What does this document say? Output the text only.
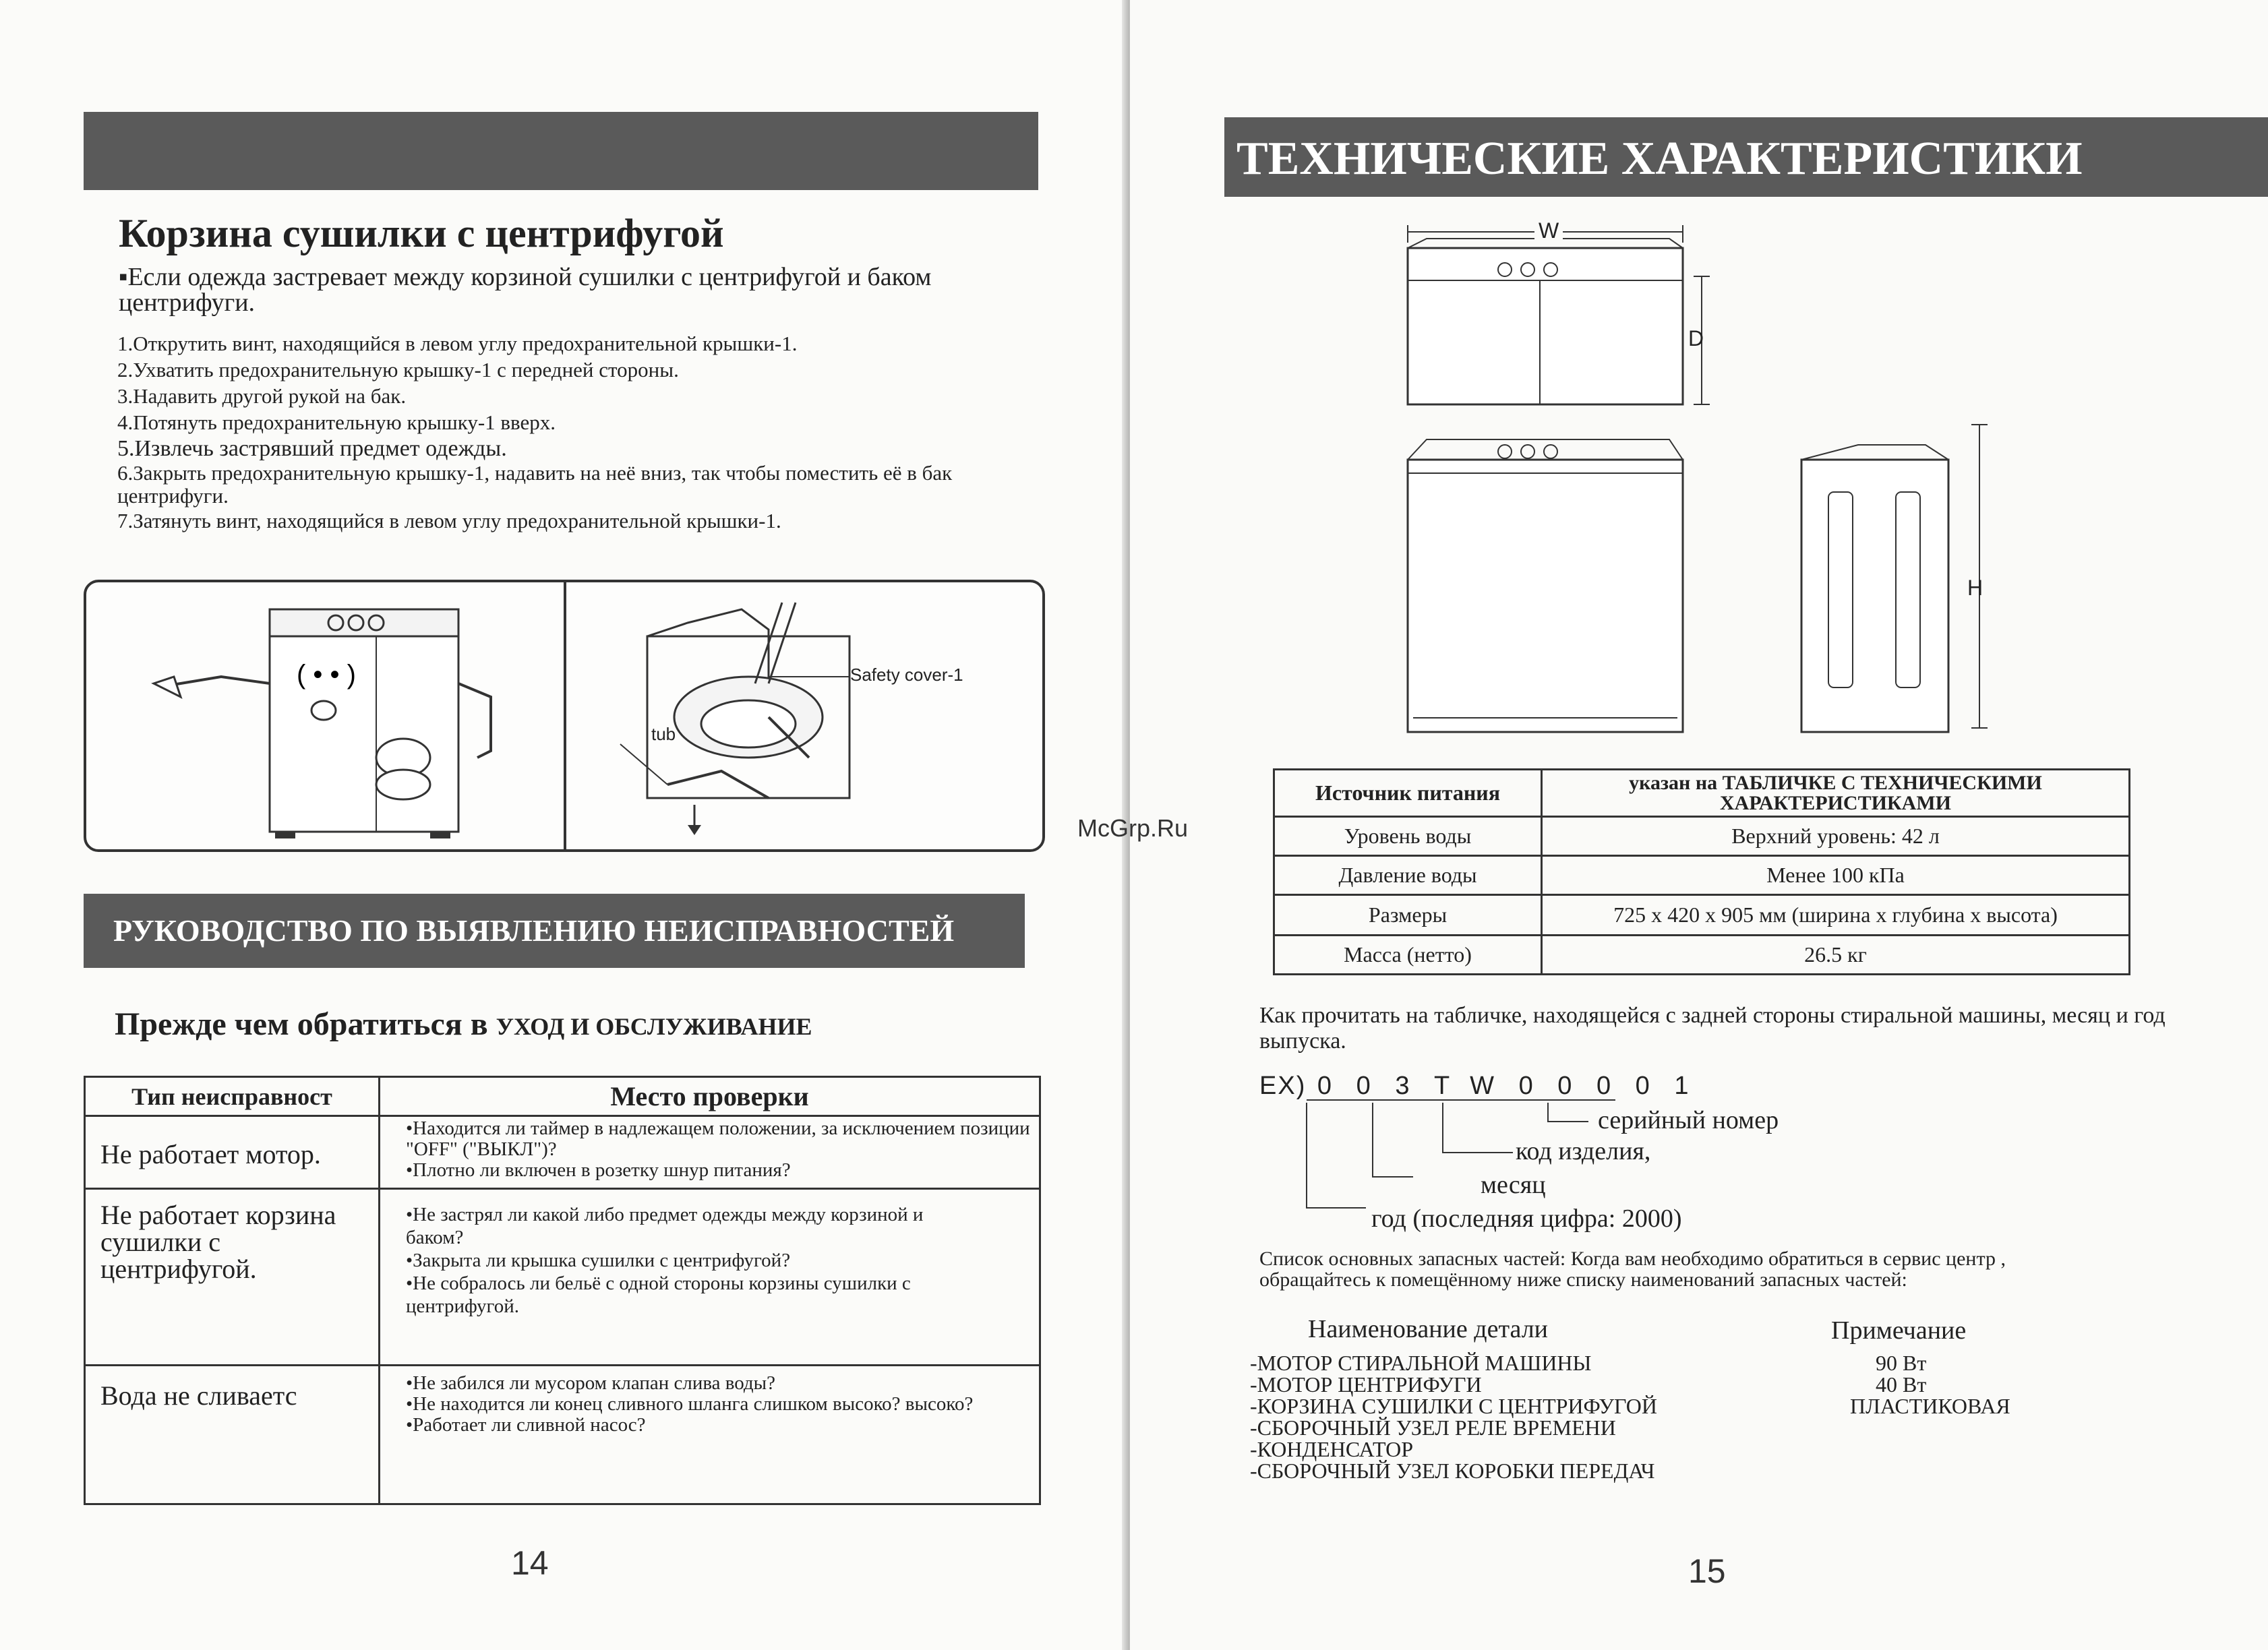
Корзина сушилки с центрифугой
▪Если одежда застревает между корзиной сушилки с центрифугой и баком центрифуги.
1.Открутить винт, находящийся в левом углу предохранительной крышки-1.
2.Ухватить предохранительную крышку-1 с передней стороны.
3.Надавить другой рукой на бак.
4.Потянуть предохранительную крышку-1 вверх.
5.Извлечь застрявший предмет одежды.
6.Закрыть предохранительную крышку-1, надавить на неё вниз, так чтобы поместить её в бак центрифуги.
7.Затянуть винт, находящийся в левом углу предохранительной крышки-1.
( • • )	Safety cover-1
tub
РУКОВОДСТВО ПО ВЫЯВЛЕНИЮ НЕИСПРАВНОСТЕЙ
Прежде чем обратиться в УХОД И ОБСЛУЖИВАНИЕ
Тип неисправност	Место проверки
Не работает мотор.	•Находится ли таймер в надлежащем положении, за исключением позиции "OFF" ("ВЫКЛ")?
•Плотно ли включен в розетку шнур питания?

Не работает корзина сушилки с центрифугой.	•Не застрял ли какой либо предмет одежды между корзиной и баком?
•Закрыта ли крышка сушилки с центрифугой?
•Не собралось ли бельё с одной стороны корзины сушилки с центрифугой.

Вода не сливаетс	•Не забился ли мусором клапан слива воды?
•Не находится ли конец сливного шланга слишком высоко? высоко?
•Работает ли сливной насос?
14
ТЕХНИЧЕСКИЕ ХАРАКТЕРИСТИКИ
W
D
H
Источник питания	указан на ТАБЛИЧКЕ С ТЕХНИЧЕСКИМИ ХАРАКТЕРИСТИКАМИ
Уровень воды	Верхний уровень: 42 л
Давление воды	Менее 100 кПа
Размеры	725 x 420 x 905 мм (ширина x глубина x высота)
Масса (нетто)	26.5 кг
Как прочитать на табличке, находящейся с задней стороны стиральной машины, месяц и год выпуска.
EX) 0 0 3 T W 0 0 0 0 1
серийный номер
код изделия,
месяц
год (последняя цифра: 2000)
Список основных запасных частей: Когда вам необходимо обратиться в сервис центр , обращайтесь к помещённому ниже списку наименований запасных частей:
Наименование детали	Примечание
-МОТОР СТИРАЛЬНОЙ МАШИНЫ	90 Вт
-МОТОР ЦЕНТРИФУГИ	40 Вт
-КОРЗИНА СУШИЛКИ С ЦЕНТРИФУГОЙ	ПЛАСТИКОВАЯ
-СБОРОЧНЫЙ УЗЕЛ РЕЛЕ ВРЕМЕНИ
-КОНДЕНСАТОР
-СБОРОЧНЫЙ УЗЕЛ КОРОБКИ ПЕРЕДАЧ
15
McGrp.Ru
